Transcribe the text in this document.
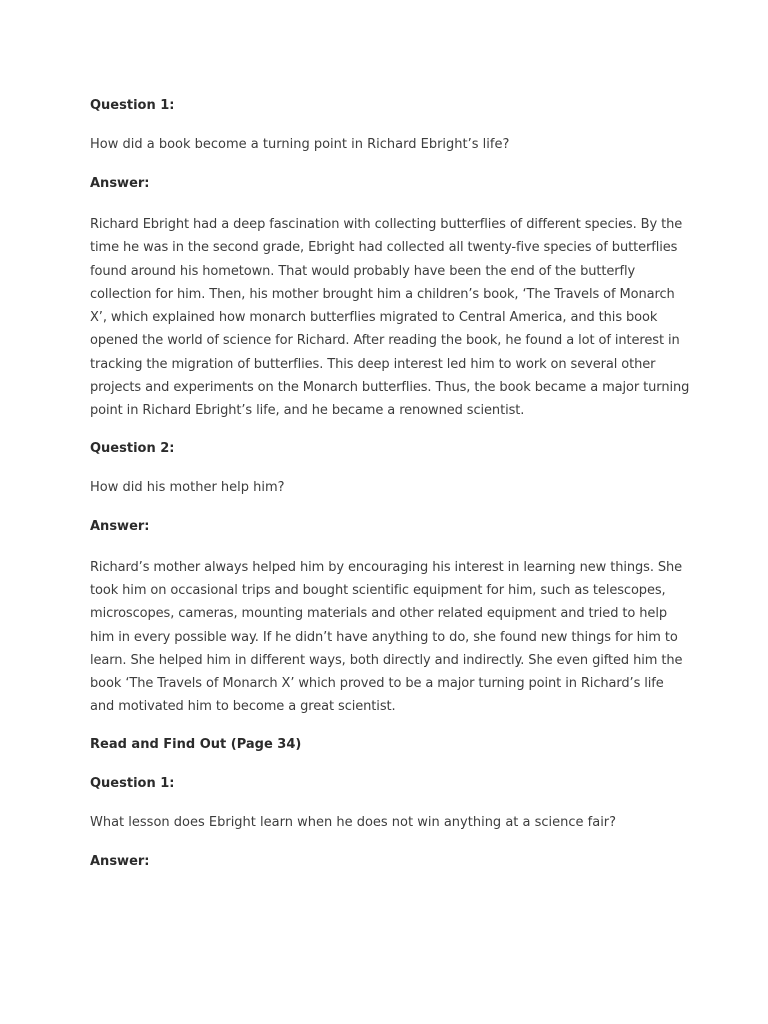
Question 1:
How did a book become a turning point in Richard Ebright’s life?
Answer:
Richard Ebright had a deep fascination with collecting butterflies of different species. By the time he was in the second grade, Ebright had collected all twenty-five species of butterflies found around his hometown. That would probably have been the end of the butterfly collection for him. Then, his mother brought him a children’s book, ‘The Travels of Monarch X’, which explained how monarch butterflies migrated to Central America, and this book opened the world of science for Richard. After reading the book, he found a lot of interest in tracking the migration of butterflies. This deep interest led him to work on several other projects and experiments on the Monarch butterflies. Thus, the book became a major turning point in Richard Ebright’s life, and he became a renowned scientist.
Question 2:
How did his mother help him?
Answer:
Richard’s mother always helped him by encouraging his interest in learning new things. She took him on occasional trips and bought scientific equipment for him, such as telescopes, microscopes, cameras, mounting materials and other related equipment and tried to help him in every possible way. If he didn’t have anything to do, she found new things for him to learn. She helped him in different ways, both directly and indirectly. She even gifted him the book ‘The Travels of Monarch X’ which proved to be a major turning point in Richard’s life and motivated him to become a great scientist.
Read and Find Out (Page 34)
Question 1:
What lesson does Ebright learn when he does not win anything at a science fair?
Answer:
